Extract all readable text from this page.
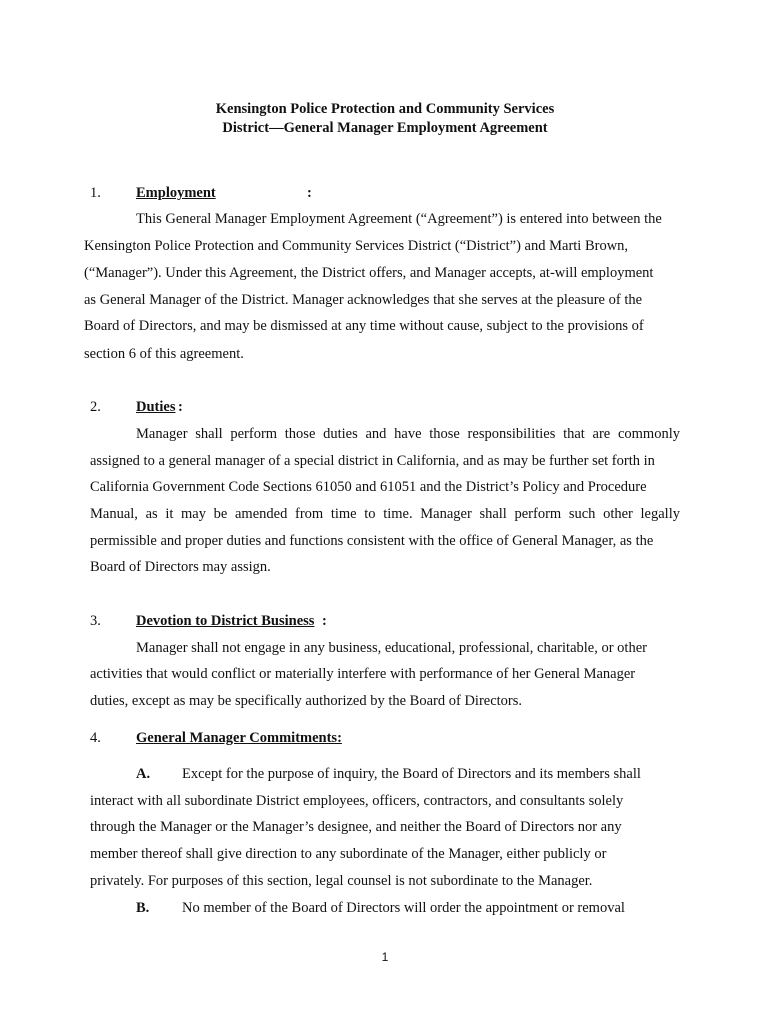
Kensington Police Protection and Community Services
District—General Manager Employment Agreement
1. Employment	:
This General Manager Employment Agreement (“Agreement”) is entered into between the
Kensington Police Protection and Community Services District (“District”) and Marti Brown,
(“Manager”). Under this Agreement, the District offers, and Manager accepts, at-will employment
as General Manager of the District. Manager acknowledges that she serves at the pleasure of the
Board of Directors, and may be dismissed at any time without cause, subject to the provisions of
section 6 of this agreement.
2. Duties :
Manager shall perform those duties and have those responsibilities that are commonly
assigned to a general manager of a special district in California, and as may be further set forth in
California Government Code Sections 61050 and 61051 and the District’s Policy and Procedure
Manual, as it may be amended from time to time. Manager shall perform such other legally
permissible and proper duties and functions consistent with the office of General Manager, as the
Board of Directors may assign.
3. Devotion to District Business :
Manager shall not engage in any business, educational, professional, charitable, or other
activities that would conflict or materially interfere with performance of her General Manager
duties, except as may be specifically authorized by the Board of Directors.
4. General Manager Commitments:
A. Except for the purpose of inquiry, the Board of Directors and its members shall
interact with all subordinate District employees, officers, contractors, and consultants solely
through the Manager or the Manager’s designee, and neither the Board of Directors nor any
member thereof shall give direction to any subordinate of the Manager, either publicly or
privately. For purposes of this section, legal counsel is not subordinate to the Manager.
B. No member of the Board of Directors will order the appointment or removal
1
